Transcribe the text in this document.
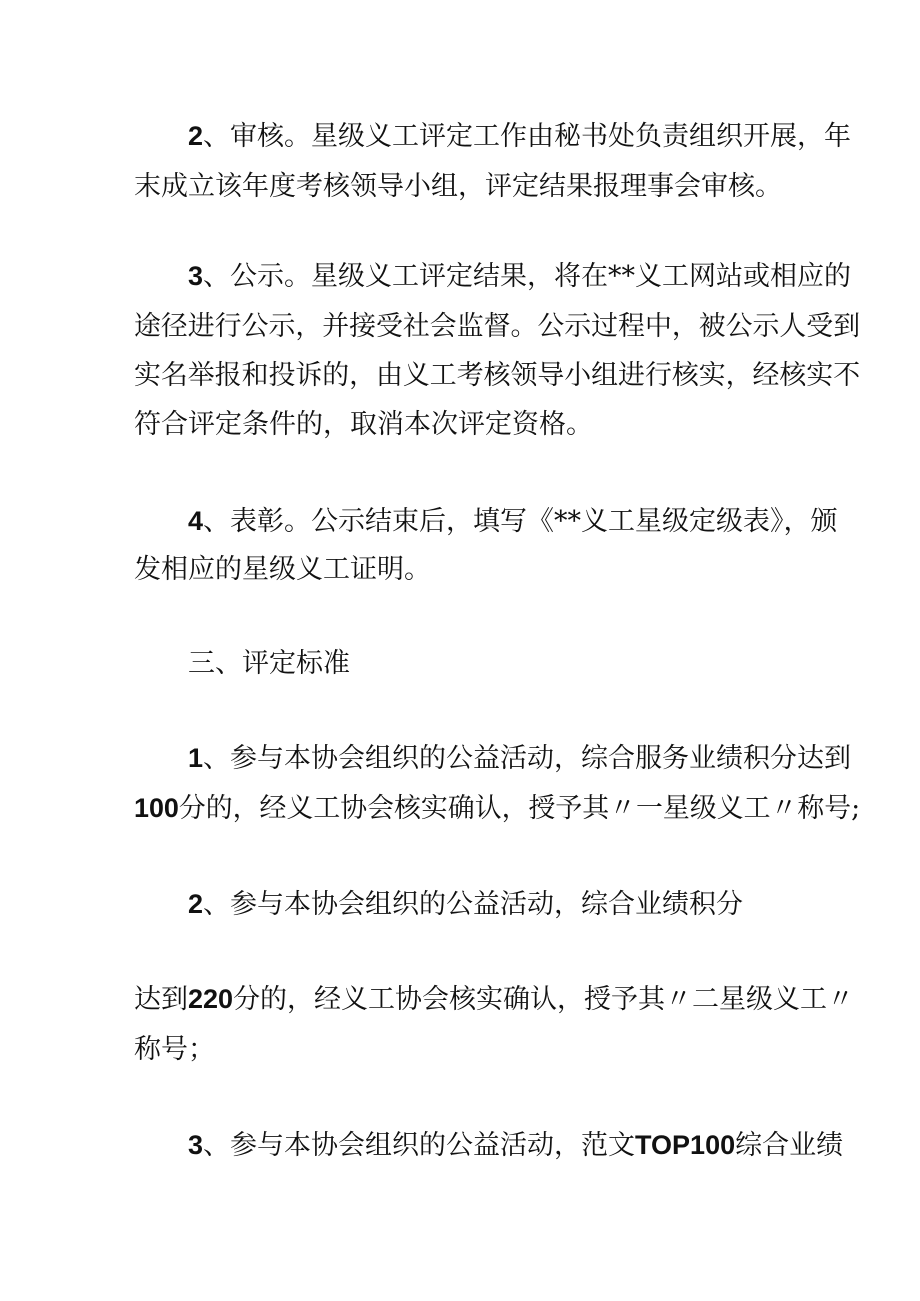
2、审核。星级义工评定工作由秘书处负责组织开展，年
末成立该年度考核领导小组，评定结果报理事会审核。
3、公示。星级义工评定结果，将在**义工网站或相应的
途径进行公示，并接受社会监督。公示过程中，被公示人受到
实名举报和投诉的，由义工考核领导小组进行核实，经核实不
符合评定条件的，取消本次评定资格。
4、表彰。公示结束后，填写《**义工星级定级表》，颁
发相应的星级义工证明。
三、评定标准
1、参与本协会组织的公益活动，综合服务业绩积分达到
100分的，经义工协会核实确认，授予其〃一星级义工〃称号;
2、参与本协会组织的公益活动，综合业绩积分
达到220分的，经义工协会核实确认，授予其〃二星级义工〃
称号；
3、参与本协会组织的公益活动，范文TOP100综合业绩
